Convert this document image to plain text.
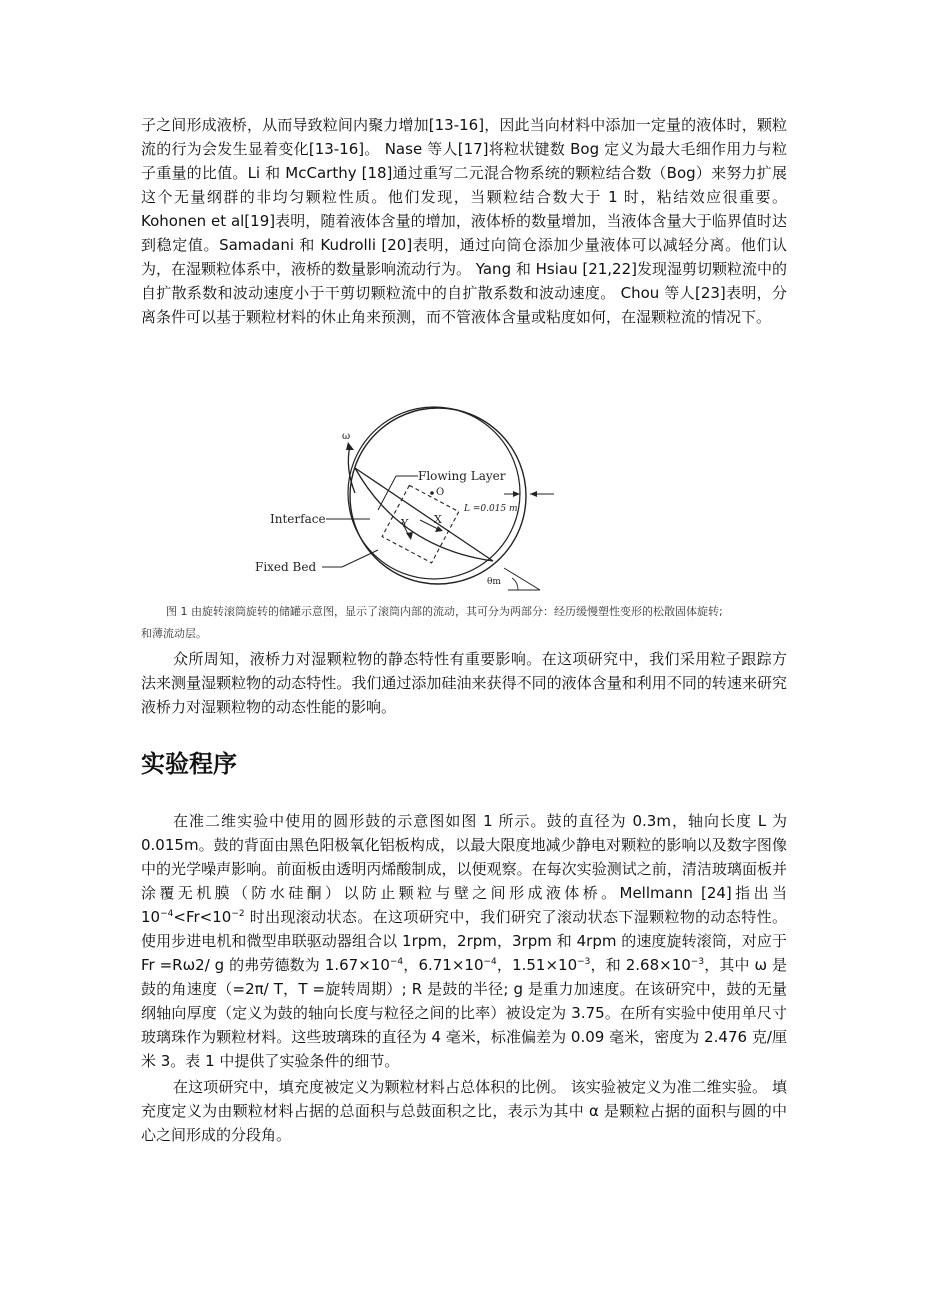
子之间形成液桥，从而导致粒间内聚力增加[13-16]，因此当向材料中添加一定量的液体时，颗粒流的行为会发生显着变化[13-16]。 Nase 等人[17]将粒状键数 Bog 定义为最大毛细作用力与粒子重量的比值。Li 和 McCarthy [18]通过重写二元混合物系统的颗粒结合数（Bog）来努力扩展这个无量纲群的非均匀颗粒性质。他们发现，当颗粒结合数大于 1 时，粘结效应很重要。Kohonen et al[19]表明，随着液体含量的增加，液体桥的数量增加，当液体含量大于临界值时达到稳定值。Samadani 和 Kudrolli [20]表明，通过向筒仓添加少量液体可以减轻分离。他们认为，在湿颗粒体系中，液桥的数量影响流动行为。 Yang 和 Hsiau [21,22]发现湿剪切颗粒流中的自扩散系数和波动速度小于干剪切颗粒流中的自扩散系数和波动速度。 Chou 等人[23]表明，分离条件可以基于颗粒材料的休止角来预测，而不管液体含量或粘度如何，在湿颗粒流的情况下。

ω
Flowing Layer
O
L =0.015 m
Interface	Y X
Fixed Bed
θm

图 1 由旋转滚筒旋转的储罐示意图，显示了滚筒内部的流动，其可分为两部分：经历缓慢塑性变形的松散固体旋转;
和薄流动层。

众所周知，液桥力对湿颗粒物的静态特性有重要影响。在这项研究中，我们采用粒子跟踪方法来测量湿颗粒物的动态特性。我们通过添加硅油来获得不同的液体含量和利用不同的转速来研究液桥力对湿颗粒物的动态性能的影响。

实验程序

在准二维实验中使用的圆形鼓的示意图如图 1 所示。鼓的直径为 0.3m，轴向长度 L 为 0.015m。鼓的背面由黑色阳极氧化铝板构成，以最大限度地减少静电对颗粒的影响以及数字图像中的光学噪声影响。前面板由透明丙烯酸制成，以便观察。在每次实验测试之前，清洁玻璃面板并涂覆无机膜（防水硅酮）以防止颗粒与壁之间形成液体桥。Mellmann [24]指出当 $10^{-4}<Fr<10^{-2}$ 时出现滚动状态。在这项研究中，我们研究了滚动状态下湿颗粒物的动态特性。使用步进电机和微型串联驱动器组合以 1rpm，2rpm，3rpm 和 4rpm 的速度旋转滚筒，对应于 Fr =Rω2/ g 的弗劳德数为 $1.67\times 10^{-4}$，$6.71\times 10^{-4}$，$1.51\times 10^{-3}$，和 $2.68\times 10^{-3}$，其中 ω 是鼓的角速度（=2π/ T，T =旋转周期）; R 是鼓的半径; g 是重力加速度。在该研究中，鼓的无量纲轴向厚度（定义为鼓的轴向长度与粒径之间的比率）被设定为 3.75。在所有实验中使用单尺寸玻璃珠作为颗粒材料。这些玻璃珠的直径为 4 毫米，标准偏差为 0.09 毫米，密度为 2.476 克/厘米 3。表 1 中提供了实验条件的细节。

在这项研究中，填充度被定义为颗粒材料占总体积的比例。 该实验被定义为准二维实验。 填充度定义为由颗粒材料占据的总面积与总鼓面积之比，表示为其中 α 是颗粒占据的面积与圆的中心之间形成的分段角。
